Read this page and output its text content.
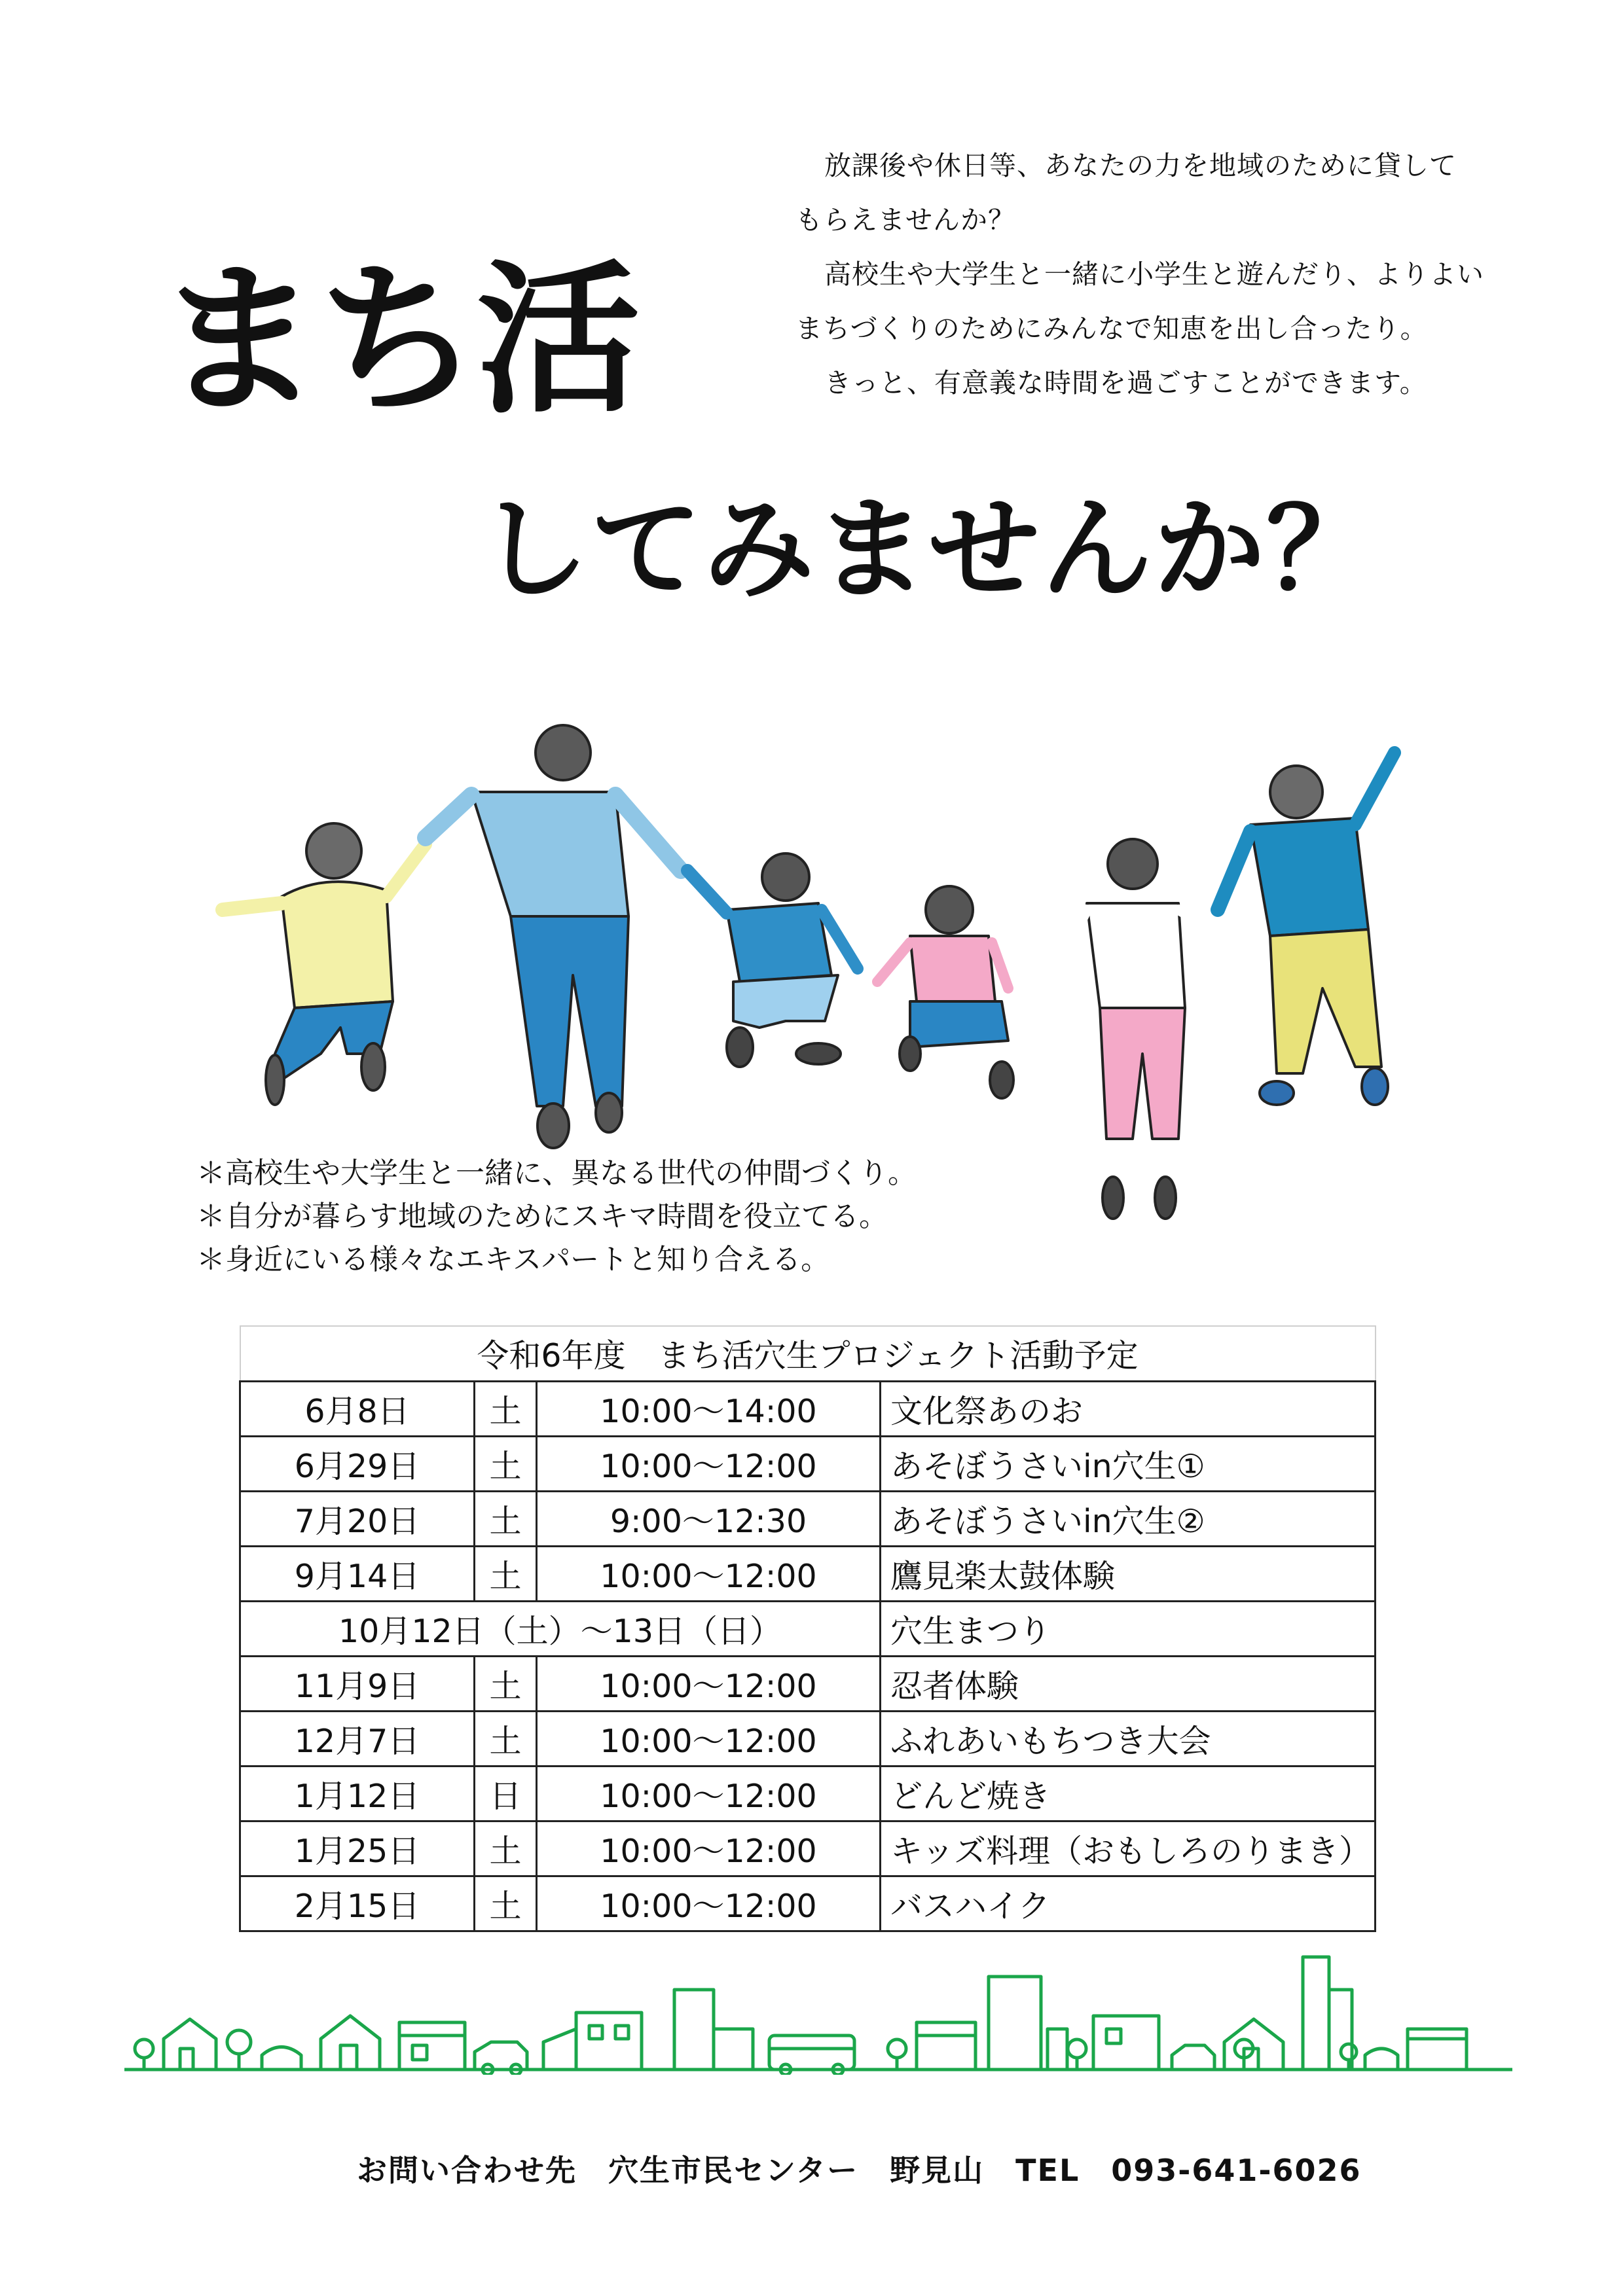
放課後や休日等、あなたの力を地域のために貸して

もらえませんか？

高校生や大学生と一緒に小学生と遊んだり、よりよい

まちづくりのためにみんなで知恵を出し合ったり。

きっと、有意義な時間を過ごすことができます。

まち活
してみませんか？
＊高校生や大学生と一緒に、異なる世代の仲間づくり。
＊自分が暮らす地域のためにスキマ時間を役立てる。
＊身近にいる様々なエキスパートと知り合える。
令和6年度　まち活穴生プロジェクト活動予定			
6月8日	土	10:00～14:00	文化祭あのお
6月29日	土	10:00～12:00	あそぼうさいin穴生①
7月20日	土	9:00～12:30	あそぼうさいin穴生②
9月14日	土	10:00～12:00	鷹見楽太鼓体験
10月12日（土）～13日（日）			穴生まつり
11月9日	土	10:00～12:00	忍者体験
12月7日	土	10:00～12:00	ふれあいもちつき大会
1月12日	日	10:00～12:00	どんど焼き
1月25日	土	10:00～12:00	キッズ料理（おもしろのりまき）
2月15日	土	10:00～12:00	バスハイク
お問い合わせ先　穴生市民センター　野見山　TEL　093-641-6026
